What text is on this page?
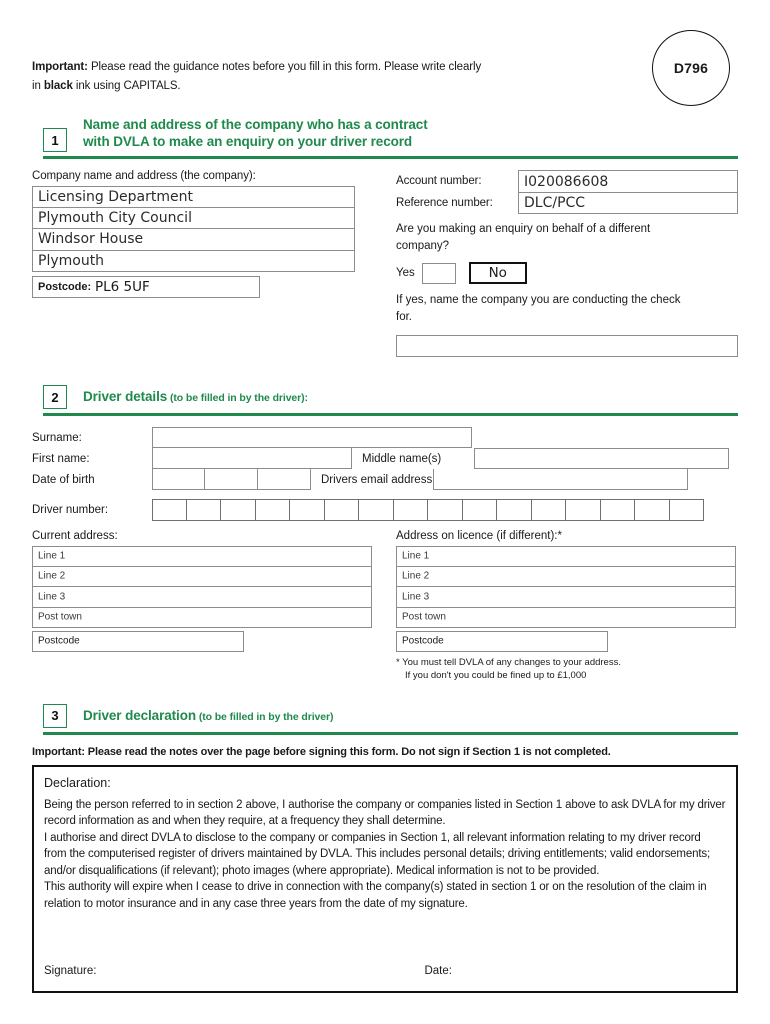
D796
Important: Please read the guidance notes before you fill in this form. Please write clearly
in black ink using CAPITALS.
1
Name and address of the company who has a contract
with DVLA to make an enquiry on your driver record
Company name and address (the company):
Licensing Department
Plymouth City Council
Windsor House
Plymouth
Postcode: PL6 5UF
Account number:	I020086608
Reference number:	DLC/PCC
Are you making an enquiry on behalf of a different company?
Yes	No
If yes, name the company you are conducting the check for.
2	Driver details (to be filled in by the driver):
Surname:
First name:	Middle name(s)
Date of birth	Drivers email address
Driver number:
Current address:
Line 1
Line 2
Line 3
Post town
Postcode
Address on licence (if different):*
Line 1
Line 2
Line 3
Post town
Postcode
* You must tell DVLA of any changes to your address.
If you don't you could be fined up to £1,000
3	Driver declaration (to be filled in by the driver)
Important: Please read the notes over the page before signing this form. Do not sign if Section 1 is not completed.
Declaration:

Being the person referred to in section 2 above, I authorise the company or companies listed in Section 1 above to ask DVLA for my driver record information as and when they require, at a frequency they shall determine.

I authorise and direct DVLA to disclose to the company or companies in Section 1, all relevant information relating to my driver record from the computerised register of drivers maintained by DVLA. This includes personal details; driving entitlements; valid endorsements; and/or disqualifications (if relevant); photo images (where appropriate). Medical information is not to be provided.

This authority will expire when I cease to drive in connection with the company(s) stated in section 1 or on the resolution of the claim in relation to motor insurance and in any case three years from the date of my signature.

Signature:	Date:
